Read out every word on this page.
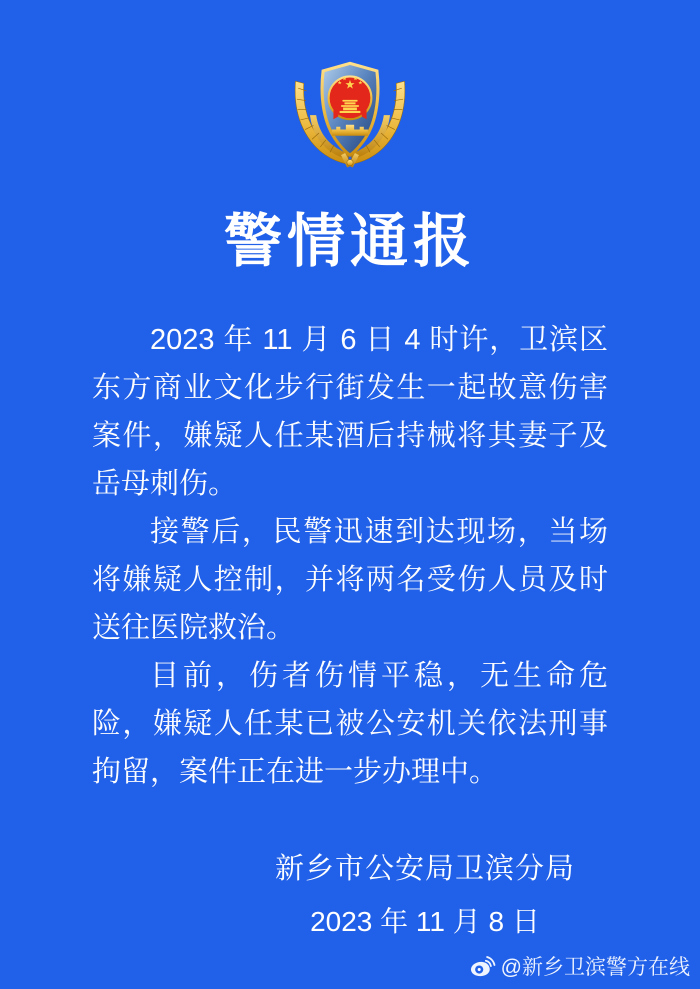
警情通报

2023 年 11 月 6 日 4 时许，卫滨区东方商业文化步行街发生一起故意伤害案件，嫌疑人任某酒后持械将其妻子及岳母刺伤。

接警后，民警迅速到达现场，当场将嫌疑人控制，并将两名受伤人员及时送往医院救治。

目前，伤者伤情平稳，无生命危险，嫌疑人任某已被公安机关依法刑事拘留，案件正在进一步办理中。

新乡市公安局卫滨分局
2023 年 11 月 8 日
@新乡卫滨警方在线
